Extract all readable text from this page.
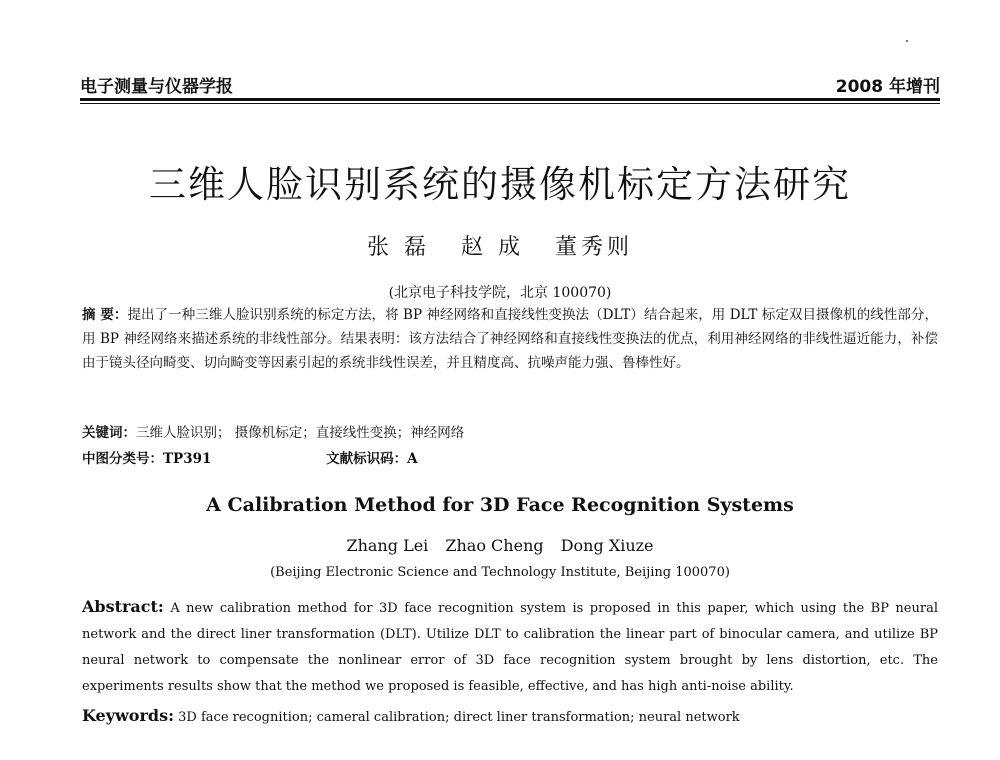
电子测量与仪器学报	2008 年增刊
三维人脸识别系统的摄像机标定方法研究
张 磊 赵 成 董秀则
(北京电子科技学院，北京 100070)
摘 要：提出了一种三维人脸识别系统的标定方法，将 BP 神经网络和直接线性变换法（DLT）结合起来，用 DLT 标定双目摄像机的线性部分，用 BP 神经网络来描述系统的非线性部分。结果表明：该方法结合了神经网络和直接线性变换法的优点，利用神经网络的非线性逼近能力，补偿由于镜头径向畸变、切向畸变等因素引起的系统非线性误差，并且精度高、抗噪声能力强、鲁棒性好。
关键词：三维人脸识别； 摄像机标定；直接线性变换；神经网络
中图分类号：TP391	文献标识码：A
A Calibration Method for 3D Face Recognition Systems
Zhang Lei Zhao Cheng Dong Xiuze
(Beijing Electronic Science and Technology Institute, Beijing 100070)
Abstract: A new calibration method for 3D face recognition system is proposed in this paper, which using the BP neural network and the direct liner transformation (DLT). Utilize DLT to calibration the linear part of binocular camera, and utilize BP neural network to compensate the nonlinear error of 3D face recognition system brought by lens distortion, etc. The experiments results show that the method we proposed is feasible, effective, and has high anti-noise ability.
Keywords: 3D face recognition; cameral calibration; direct liner transformation; neural network
